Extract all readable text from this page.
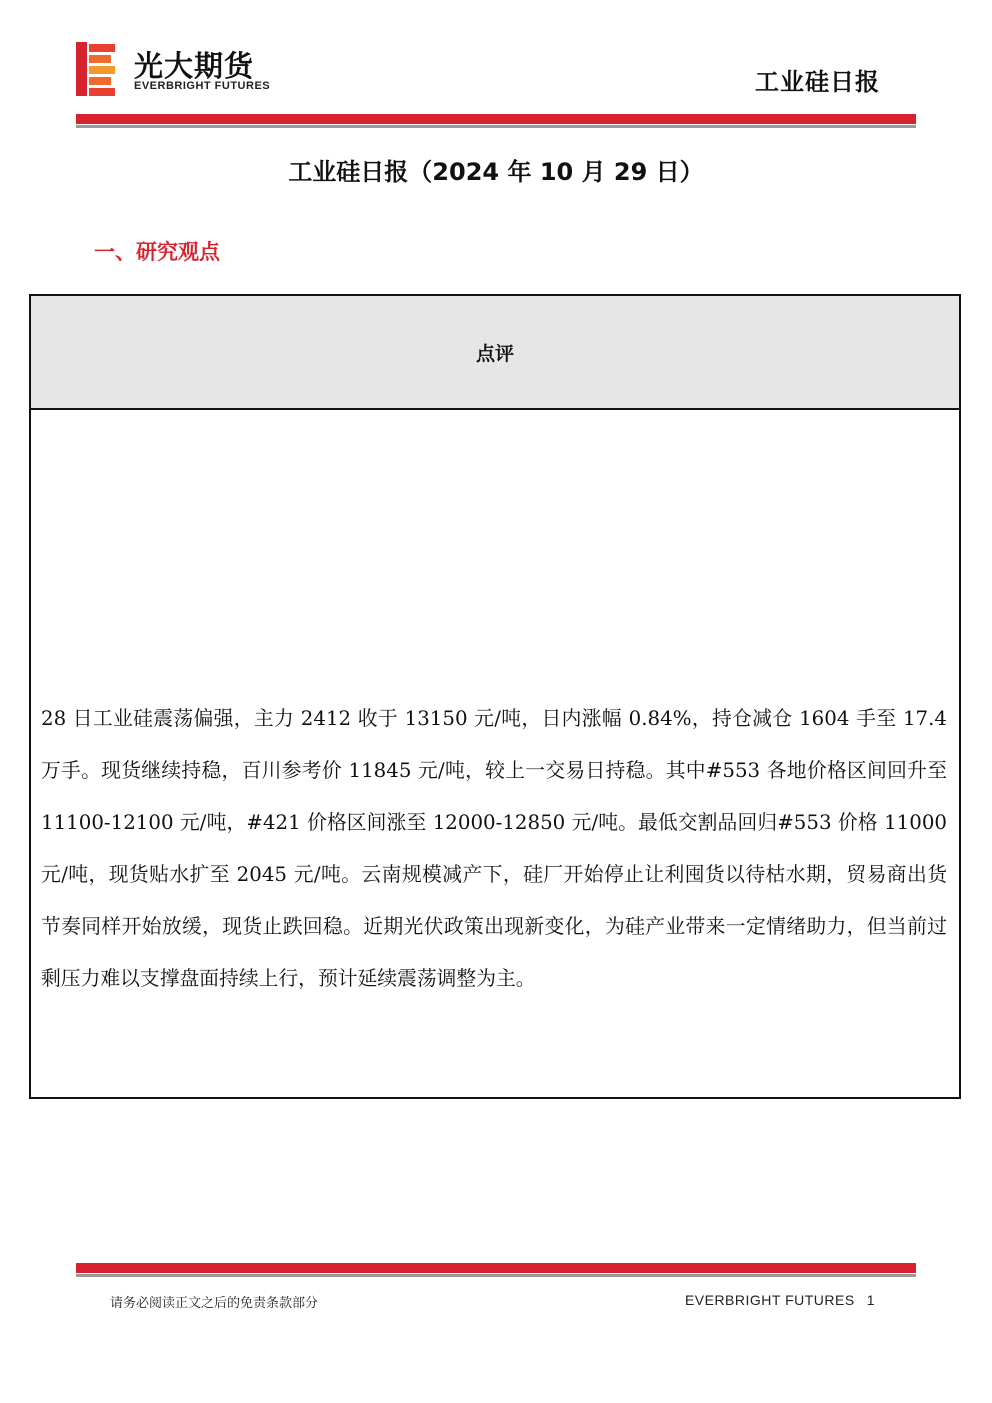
光大期货
EVERBRIGHT FUTURES	工业硅日报
工业硅日报（2024 年 10 月 29 日）
一、研究观点
点评

28 日工业硅震荡偏强，主力 2412 收于 13150 元/吨，日内涨幅 0.84%，持仓减仓 1604 手至 17.4 万手。现货继续持稳，百川参考价 11845 元/吨，较上一交易日持稳。其中#553 各地价格区间回升至 11100-12100 元/吨，#421 价格区间涨至 12000-12850 元/吨。最低交割品回归#553 价格 11000 元/吨，现货贴水扩至 2045 元/吨。云南规模减产下，硅厂开始停止让利囤货以待枯水期，贸易商出货节奏同样开始放缓，现货止跌回稳。近期光伏政策出现新变化，为硅产业带来一定情绪助力，但当前过剩压力难以支撑盘面持续上行，预计延续震荡调整为主。

请务必阅读正文之后的免责条款部分	EVERBRIGHT FUTURES 1
